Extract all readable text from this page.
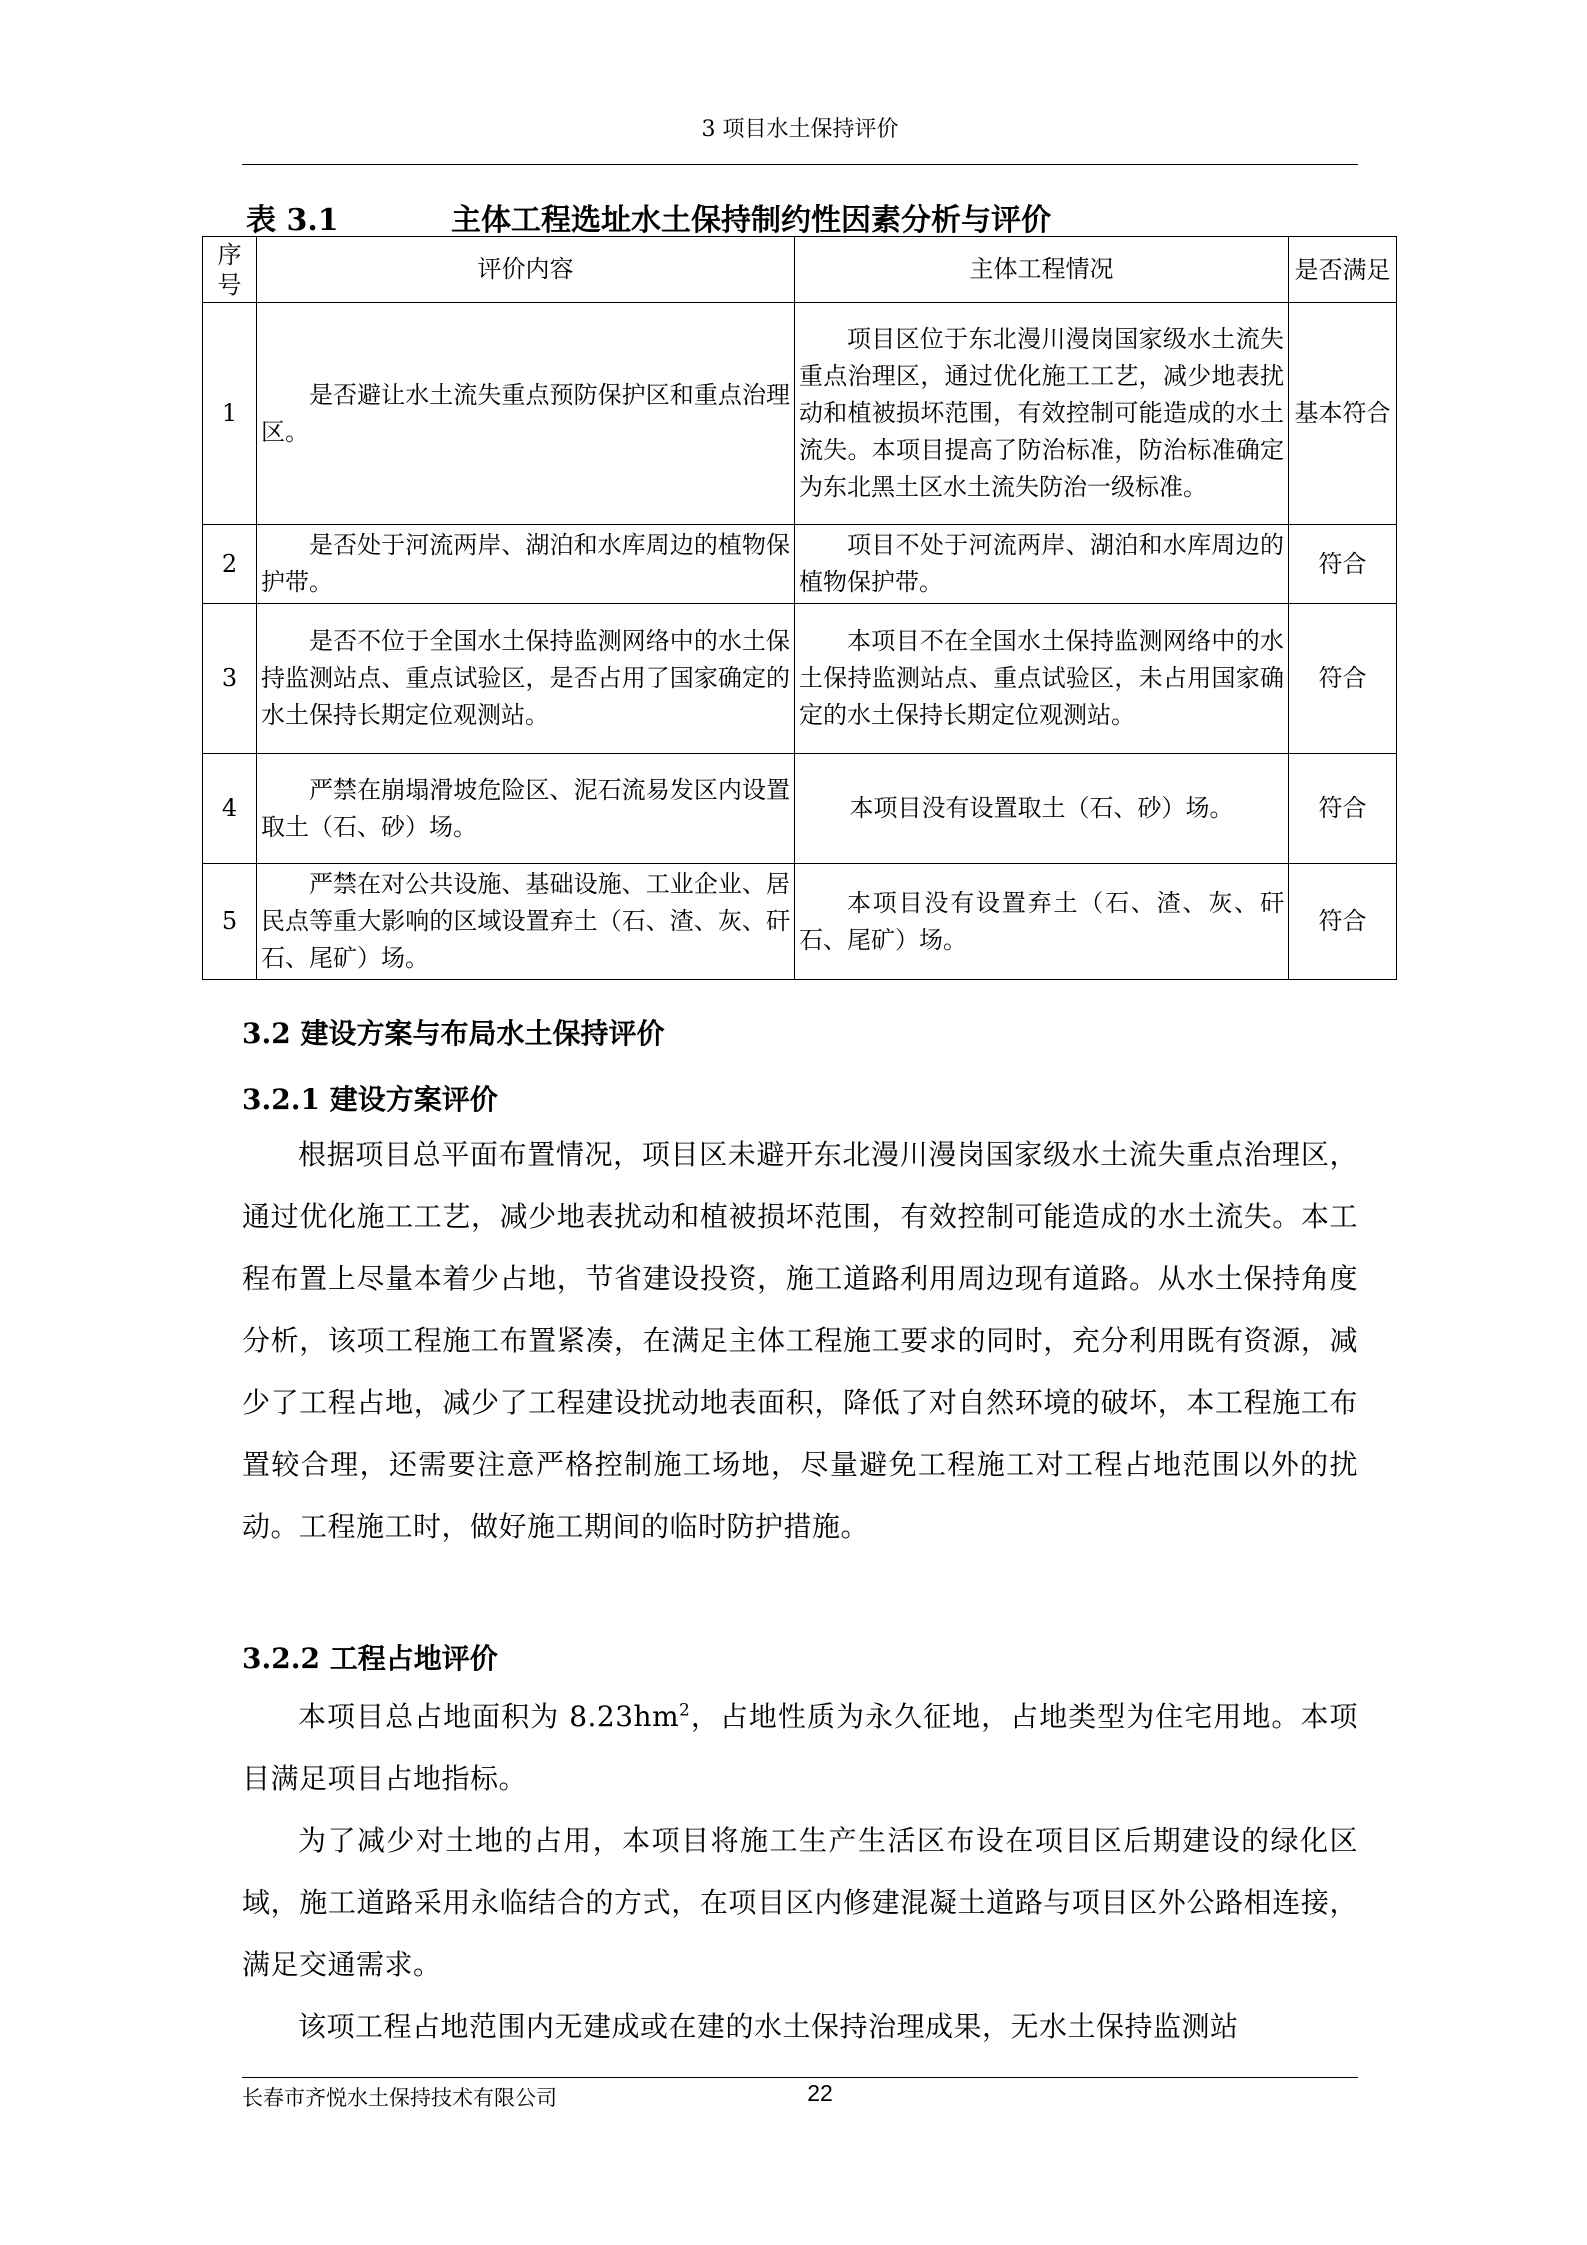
3 项目水土保持评价
表 3.1	主体工程选址水土保持制约性因素分析与评价
序号	评价内容	主体工程情况	是否满足
1	是否避让水土流失重点预防保护区和重点治理区。	项目区位于东北漫川漫岗国家级水土流失重点治理区，通过优化施工工艺，减少地表扰动和植被损坏范围，有效控制可能造成的水土流失。本项目提高了防治标准，防治标准确定为东北黑土区水土流失防治一级标准。	基本符合
2	是否处于河流两岸、湖泊和水库周边的植物保护带。	项目不处于河流两岸、湖泊和水库周边的植物保护带。	符合
3	是否不位于全国水土保持监测网络中的水土保持监测站点、重点试验区，是否占用了国家确定的水土保持长期定位观测站。	本项目不在全国水土保持监测网络中的水土保持监测站点、重点试验区，未占用国家确定的水土保持长期定位观测站。	符合
4	严禁在崩塌滑坡危险区、泥石流易发区内设置取土（石、砂）场。	本项目没有设置取土（石、砂）场。	符合
5	严禁在对公共设施、基础设施、工业企业、居民点等重大影响的区域设置弃土（石、渣、灰、矸石、尾矿）场。	本项目没有设置弃土（石、渣、灰、矸石、尾矿）场。	符合
3.2 建设方案与布局水土保持评价
3.2.1 建设方案评价
根据项目总平面布置情况，项目区未避开东北漫川漫岗国家级水土流失重点治理区，通过优化施工工艺，减少地表扰动和植被损坏范围，有效控制可能造成的水土流失。本工程布置上尽量本着少占地，节省建设投资，施工道路利用周边现有道路。从水土保持角度分析，该项工程施工布置紧凑，在满足主体工程施工要求的同时，充分利用既有资源，减少了工程占地，减少了工程建设扰动地表面积，降低了对自然环境的破坏，本工程施工布置较合理，还需要注意严格控制施工场地，尽量避免工程施工对工程占地范围以外的扰动。工程施工时，做好施工期间的临时防护措施。
3.2.2 工程占地评价
本项目总占地面积为 $8.23hm^2$，占地性质为永久征地，占地类型为住宅用地。本项目满足项目占地指标。
为了减少对土地的占用，本项目将施工生产生活区布设在项目区后期建设的绿化区域，施工道路采用永临结合的方式，在项目区内修建混凝土道路与项目区外公路相连接，满足交通需求。
该项工程占地范围内无建成或在建的水土保持治理成果，无水土保持监测站
长春市齐悦水土保持技术有限公司	22
